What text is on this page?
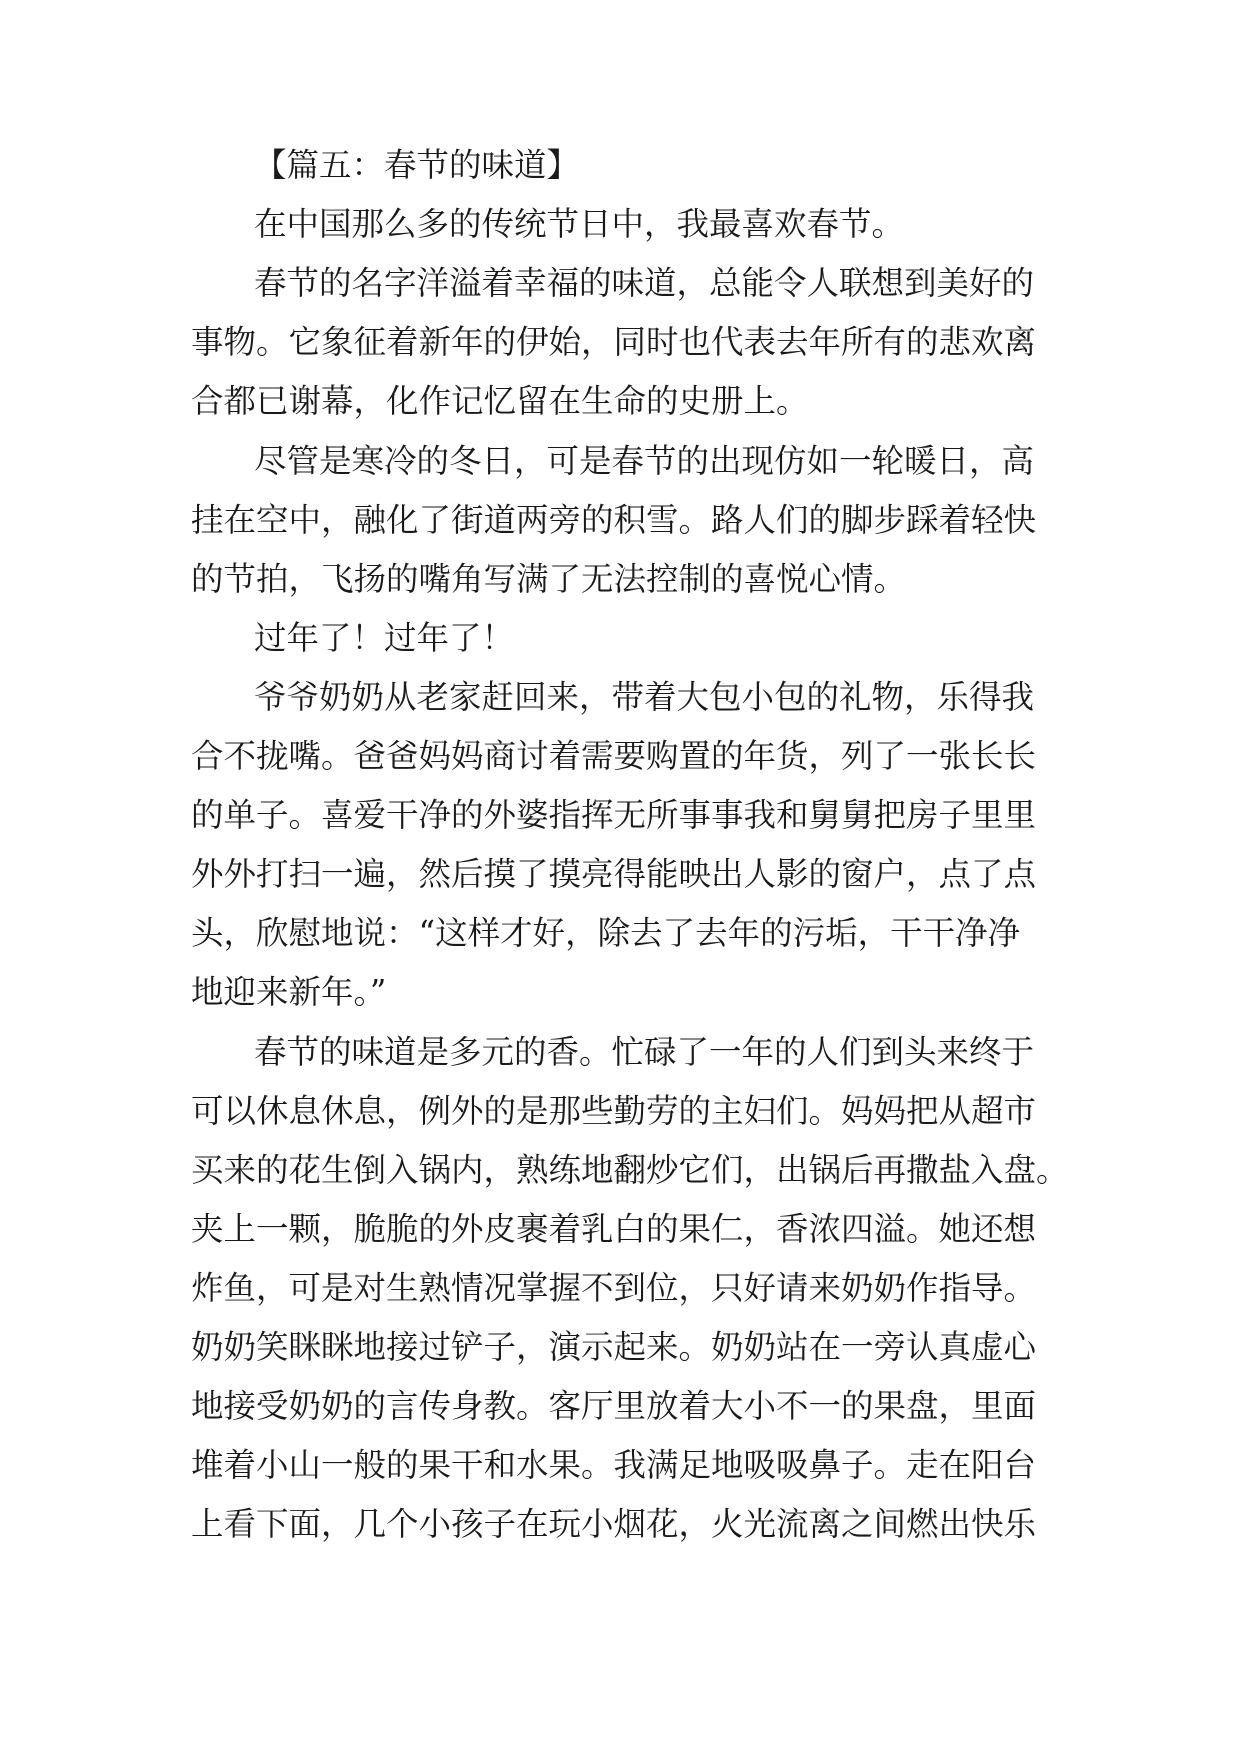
【篇五：春节的味道】
在中国那么多的传统节日中，我最喜欢春节。
春节的名字洋溢着幸福的味道，总能令人联想到美好的
事物。它象征着新年的伊始，同时也代表去年所有的悲欢离
合都已谢幕，化作记忆留在生命的史册上。
尽管是寒冷的冬日，可是春节的出现仿如一轮暖日，高
挂在空中，融化了街道两旁的积雪。路人们的脚步踩着轻快
的节拍，飞扬的嘴角写满了无法控制的喜悦心情。
过年了！过年了！
爷爷奶奶从老家赶回来，带着大包小包的礼物，乐得我
合不拢嘴。爸爸妈妈商讨着需要购置的年货，列了一张长长
的单子。喜爱干净的外婆指挥无所事事我和舅舅把房子里里
外外打扫一遍，然后摸了摸亮得能映出人影的窗户，点了点
头，欣慰地说：“这样才好，除去了去年的污垢，干干净净
地迎来新年。”
春节的味道是多元的香。忙碌了一年的人们到头来终于
可以休息休息，例外的是那些勤劳的主妇们。妈妈把从超市
买来的花生倒入锅内，熟练地翻炒它们，出锅后再撒盐入盘。
夹上一颗，脆脆的外皮裹着乳白的果仁，香浓四溢。她还想
炸鱼，可是对生熟情况掌握不到位，只好请来奶奶作指导。
奶奶笑眯眯地接过铲子，演示起来。奶奶站在一旁认真虚心
地接受奶奶的言传身教。客厅里放着大小不一的果盘，里面
堆着小山一般的果干和水果。我满足地吸吸鼻子。走在阳台
上看下面，几个小孩子在玩小烟花，火光流离之间燃出快乐
